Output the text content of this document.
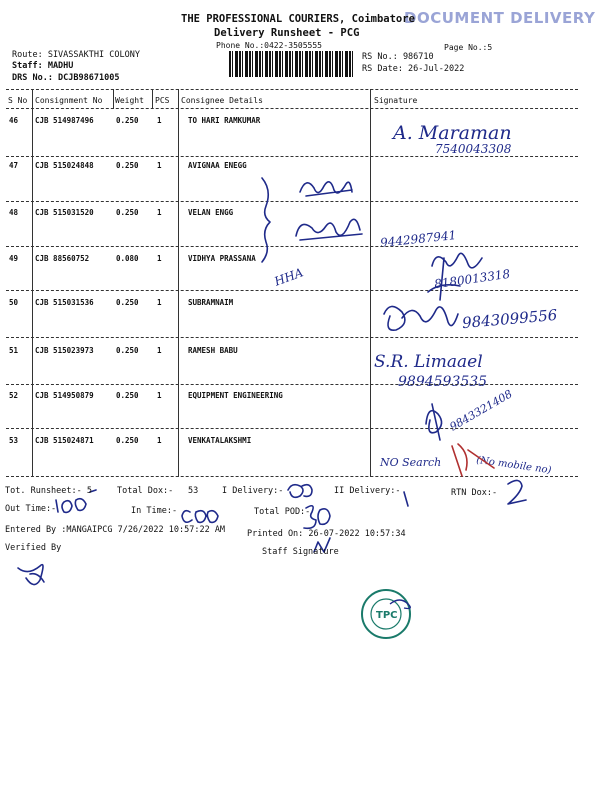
DOCUMENT DELIVERY
THE PROFESSIONAL COURIERS, Coimbatore
Delivery Runsheet - PCG
Phone No.:0422-3505555	Page No.:5
Route: SIVASSAKTHI COLONY
Staff: MADHU
DRS No.: DCJB98671005
RS No.: 986710
RS Date: 26-Jul-2022
S No Consignment No Weight PCS Consignee Details	Signature
46 CJB 514987496	0.250 1	TO HARI RAMKUMAR
A. Maraman
7540043308
47 CJB 515024848	0.250 1	AVIGNAA ENEGG
48 CJB 515031520	0.250 1	VELAN ENGG
9442987941
49 CJB 88560752	0.080 1	VIDHYA PRASSANA
HHA	8180013318
50 CJB 515031536	0.250 1	SUBRAMNAIM
9843099556
51 CJB 515023973	0.250 1	RAMESH BABU
S.R. Limaael
9894593535
52 CJB 514950879	0.250 1	EQUIPMENT ENGINEERING	9843321408
53 CJB 515024871	0.250 1	VENKATALAKSHMI
NO Search	(No mobile no)
Tot. Runsheet:- 5	Total Dox:- 53	I Delivery:-	II Delivery:-	RTN Dox:-
Out Time:-	In Time:-	Total POD:-
Entered By :MANGAIPCG 7/26/2022 10:57:22 AM	Printed On: 26-07-2022 10:57:34
Verified By	Staff Signature
TPC
